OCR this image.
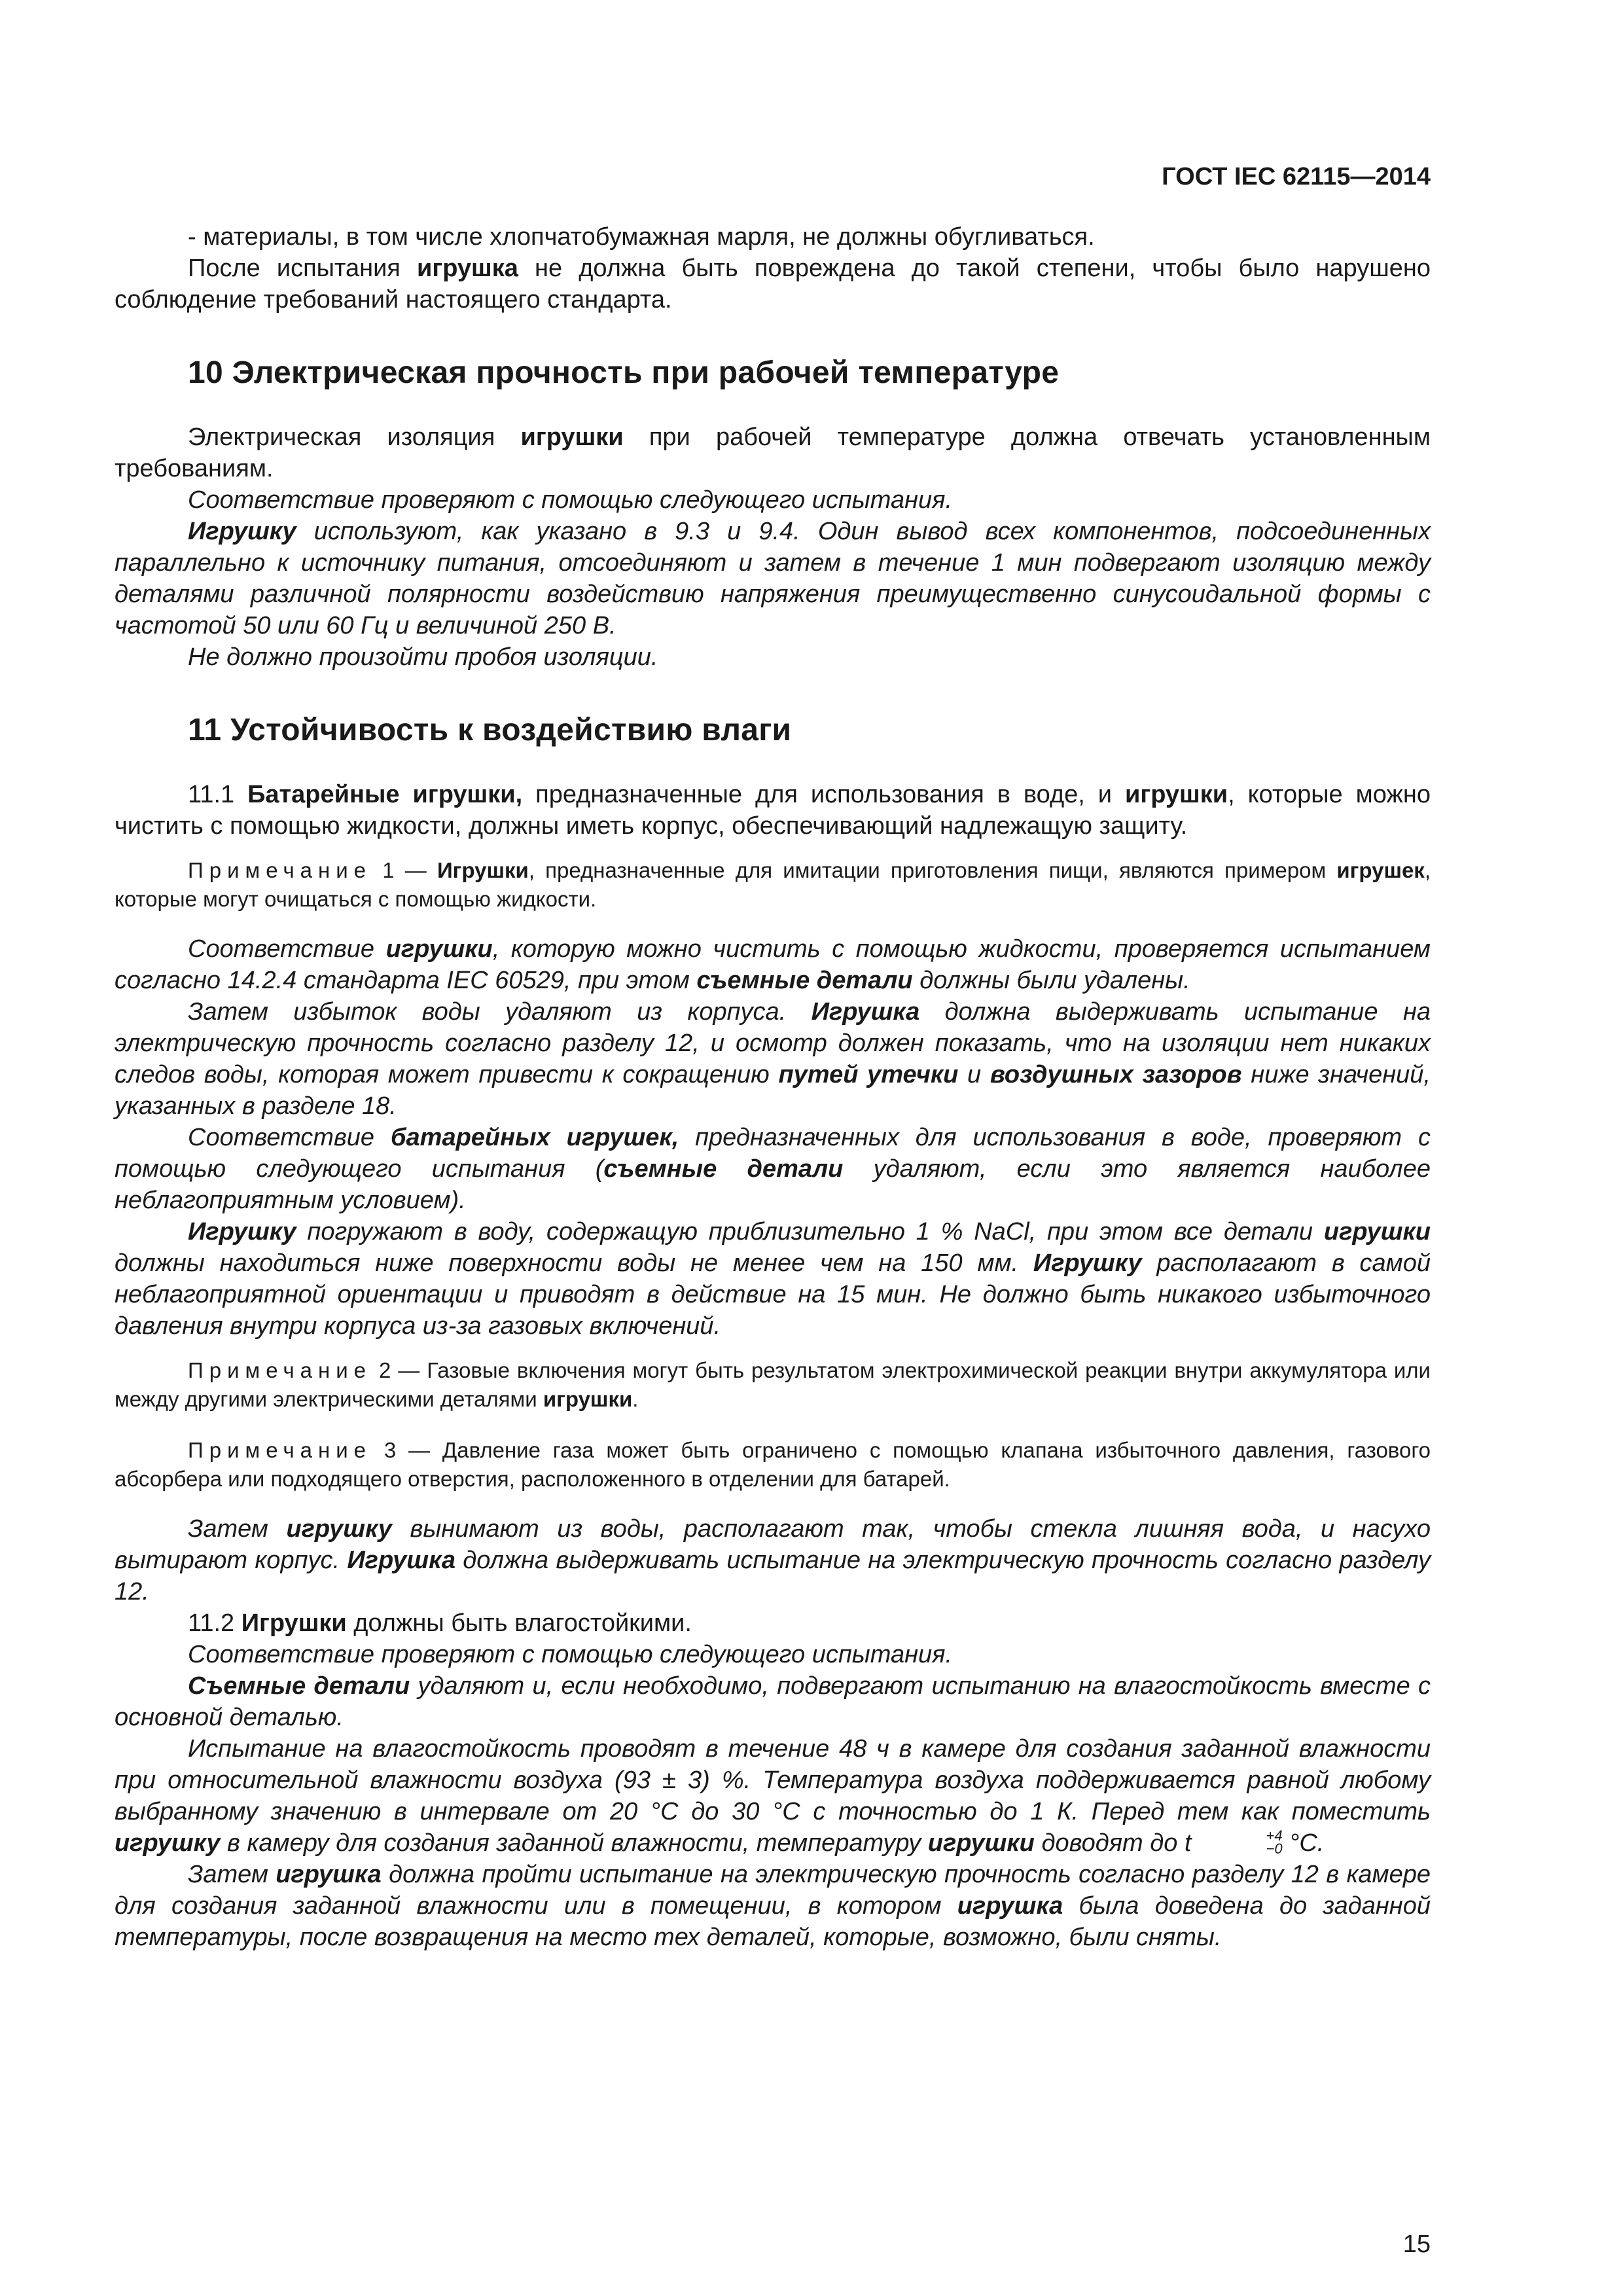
ГОСТ IEC 62115—2014

- материалы, в том числе хлопчатобумажная марля, не должны обугливаться.

После испытания игрушка не должна быть повреждена до такой степени, чтобы было нарушено соблюдение требований настоящего стандарта.

10 Электрическая прочность при рабочей температуре

Электрическая изоляция игрушки при рабочей температуре должна отвечать установленным требованиям.

Соответствие проверяют с помощью следующего испытания.

Игрушку используют, как указано в 9.3 и 9.4. Один вывод всех компонентов, подсоединенных параллельно к источнику питания, отсоединяют и затем в течение 1 мин подвергают изоляцию между деталями различной полярности воздействию напряжения преимущественно синусоидальной формы с частотой 50 или 60 Гц и величиной 250 В.

Не должно произойти пробоя изоляции.

11 Устойчивость к воздействию влаги

11.1 Батарейные игрушки, предназначенные для использования в воде, и игрушки, которые можно чистить с помощью жидкости, должны иметь корпус, обеспечивающий надлежащую защиту.

Примечание 1 — Игрушки, предназначенные для имитации приготовления пищи, являются примером игрушек, которые могут очищаться с помощью жидкости.

Соответствие игрушки, которую можно чистить с помощью жидкости, проверяется испытанием согласно 14.2.4 стандарта IEC 60529, при этом съемные детали должны были удалены.

Затем избыток воды удаляют из корпуса. Игрушка должна выдерживать испытание на электрическую прочность согласно разделу 12, и осмотр должен показать, что на изоляции нет никаких следов воды, которая может привести к сокращению путей утечки и воздушных зазоров ниже значений, указанных в разделе 18.

Соответствие батарейных игрушек, предназначенных для использования в воде, проверяют с помощью следующего испытания (съемные детали удаляют, если это является наиболее неблагоприятным условием).

Игрушку погружают в воду, содержащую приблизительно 1 % NaCl, при этом все детали игрушки должны находиться ниже поверхности воды не менее чем на 150 мм. Игрушку располагают в самой неблагоприятной ориентации и приводят в действие на 15 мин. Не должно быть никакого избыточного давления внутри корпуса из-за газовых включений.

Примечание 2 — Газовые включения могут быть результатом электрохимической реакции внутри аккумулятора или между другими электрическими деталями игрушки.

Примечание 3 — Давление газа может быть ограничено с помощью клапана избыточного давления, газового абсорбера или подходящего отверстия, расположенного в отделении для батарей.

Затем игрушку вынимают из воды, располагают так, чтобы стекла лишняя вода, и насухо вытирают корпус. Игрушка должна выдерживать испытание на электрическую прочность согласно разделу 12.

11.2 Игрушки должны быть влагостойкими.

Соответствие проверяют с помощью следующего испытания.

Съемные детали удаляют и, если необходимо, подвергают испытанию на влагостойкость вместе с основной деталью.

Испытание на влагостойкость проводят в течение 48 ч в камере для создания заданной влажности при относительной влажности воздуха (93 ± 3) %. Температура воздуха поддерживается равной любому выбранному значению в интервале от 20 °С до 30 °С с точностью до 1 К. Перед тем как поместить игрушку в камеру для создания заданной влажности, температуру игрушки доводят до t	+4
−0 °С.

Затем игрушка должна пройти испытание на электрическую прочность согласно разделу 12 в камере для создания заданной влажности или в помещении, в котором игрушка была доведена до заданной температуры, после возвращения на место тех деталей, которые, возможно, были сняты.

15
